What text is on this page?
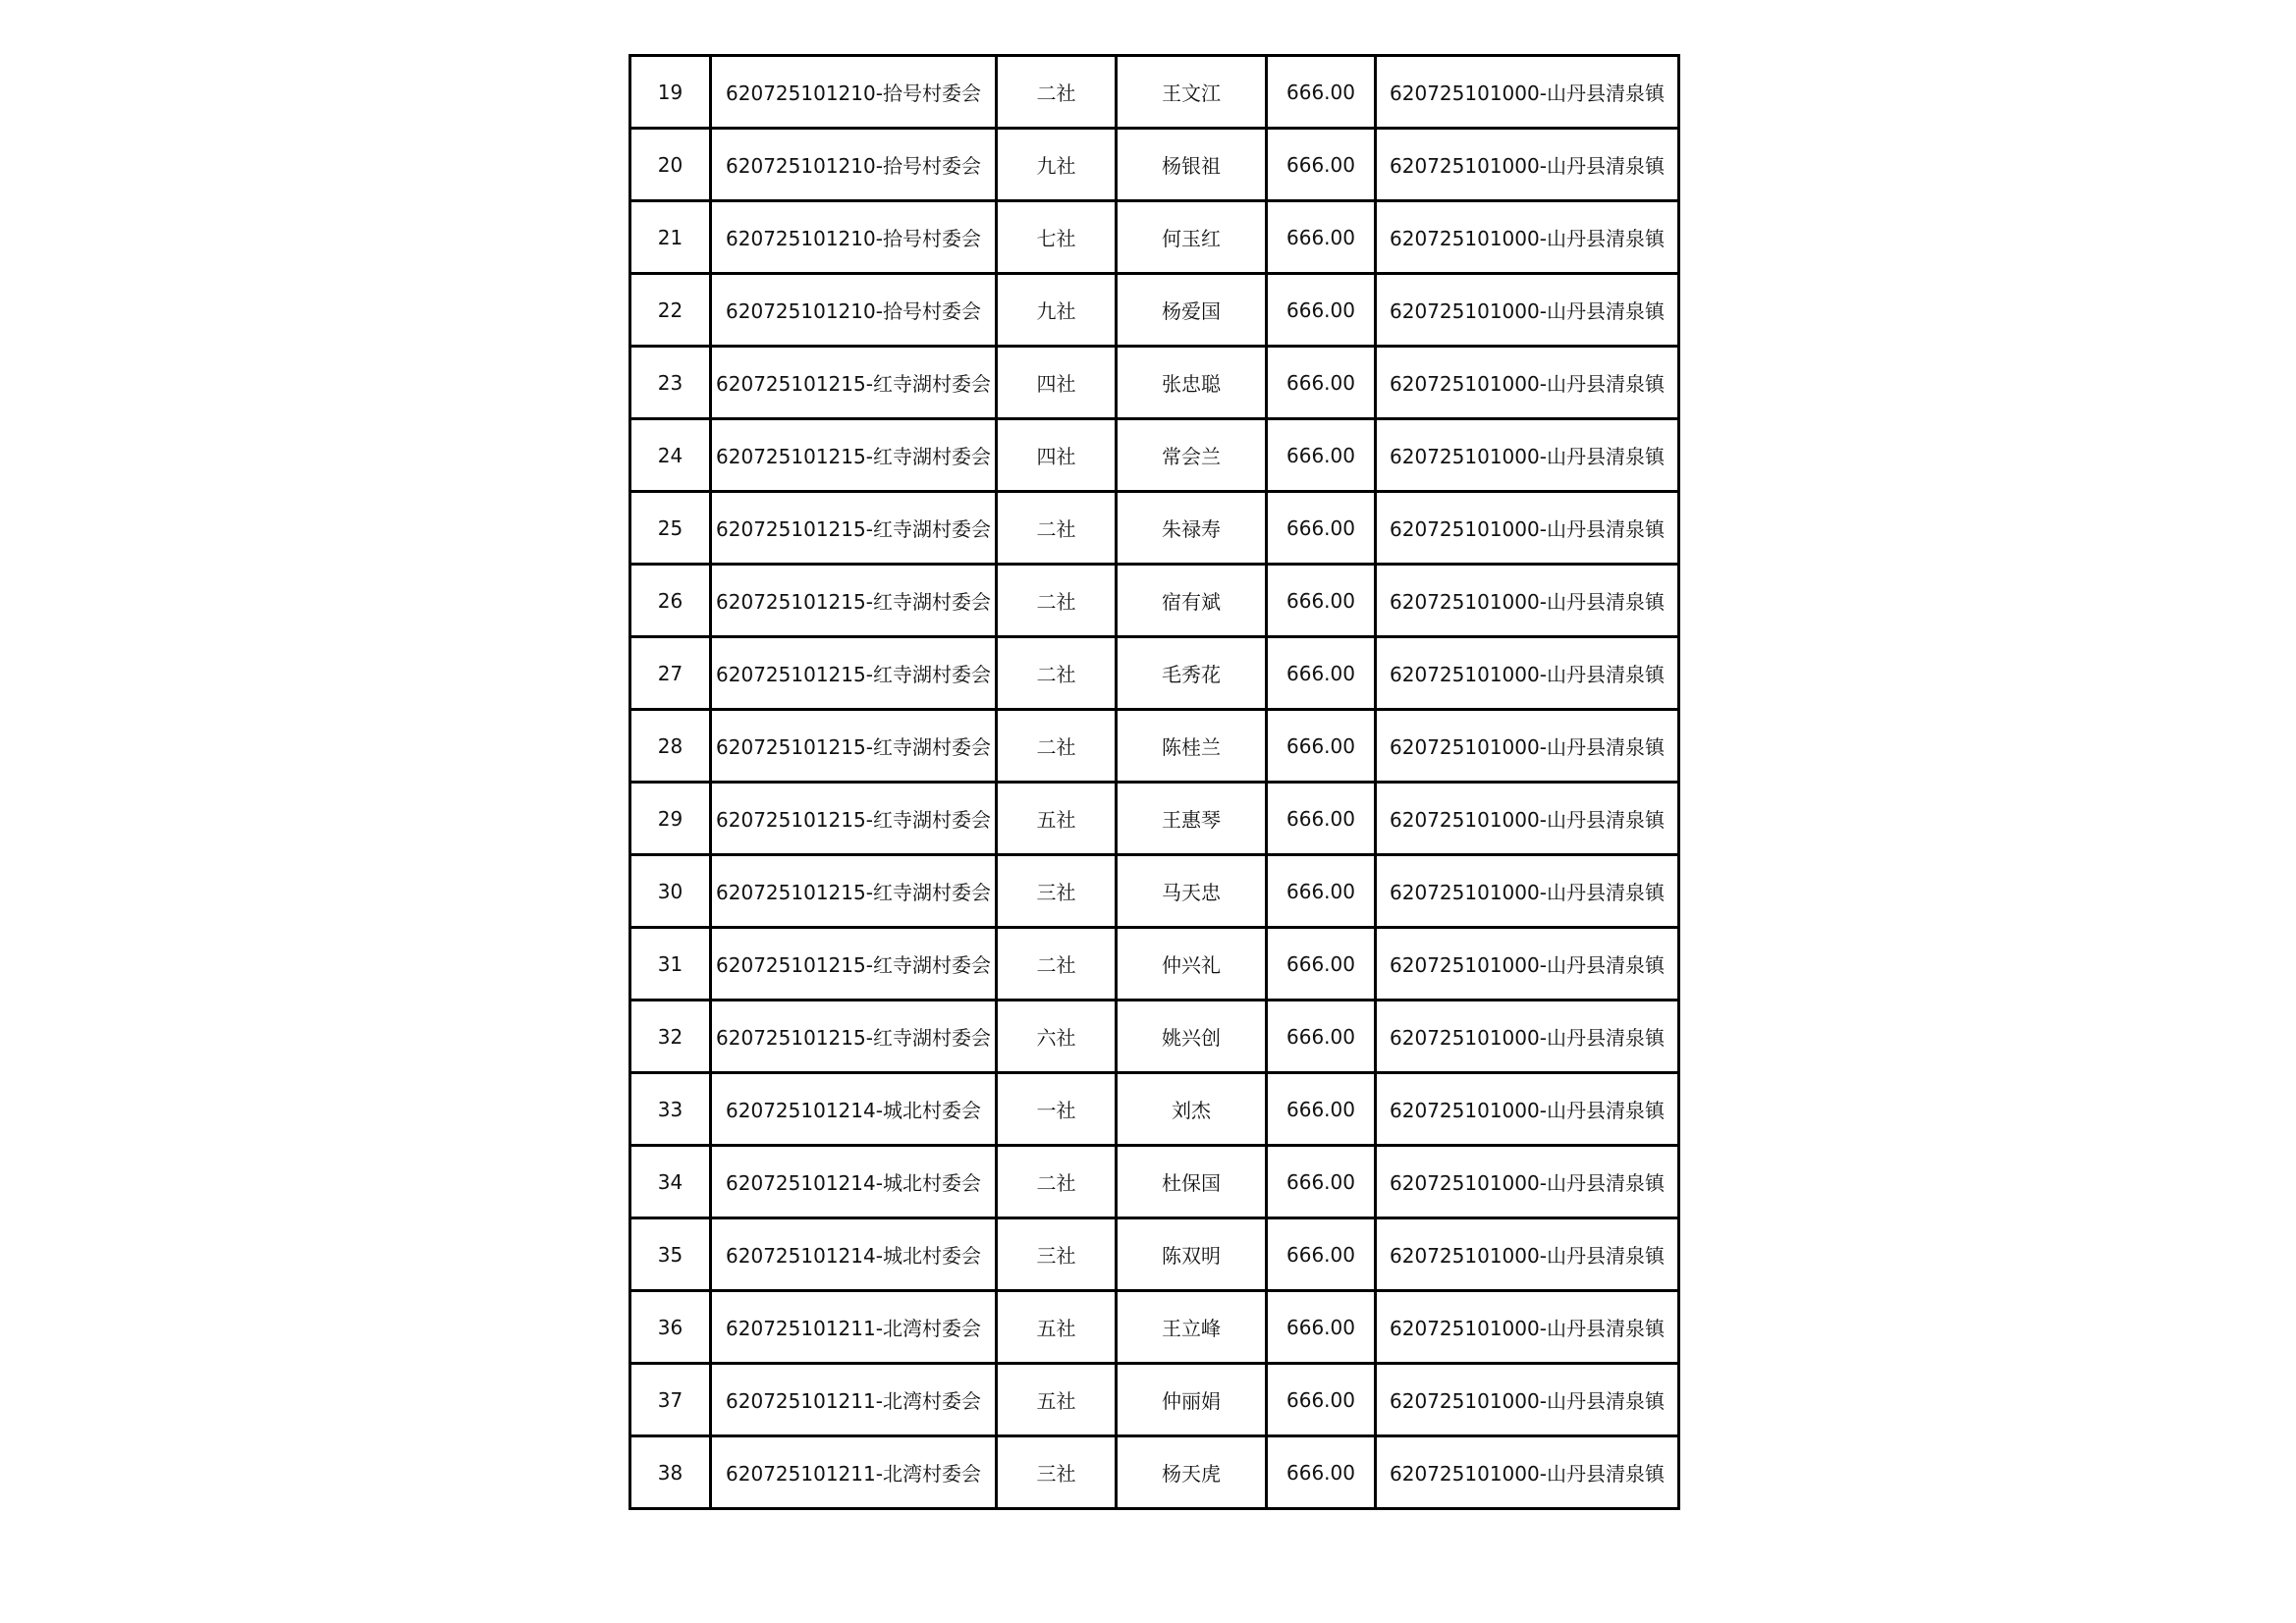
19	620725101210-拾号村委会	二社	王文江	666.00	620725101000-山丹县清泉镇
20	620725101210-拾号村委会	九社	杨银祖	666.00	620725101000-山丹县清泉镇
21	620725101210-拾号村委会	七社	何玉红	666.00	620725101000-山丹县清泉镇
22	620725101210-拾号村委会	九社	杨爱国	666.00	620725101000-山丹县清泉镇
23	620725101215-红寺湖村委会	四社	张忠聪	666.00	620725101000-山丹县清泉镇
24	620725101215-红寺湖村委会	四社	常会兰	666.00	620725101000-山丹县清泉镇
25	620725101215-红寺湖村委会	二社	朱禄寿	666.00	620725101000-山丹县清泉镇
26	620725101215-红寺湖村委会	二社	宿有斌	666.00	620725101000-山丹县清泉镇
27	620725101215-红寺湖村委会	二社	毛秀花	666.00	620725101000-山丹县清泉镇
28	620725101215-红寺湖村委会	二社	陈桂兰	666.00	620725101000-山丹县清泉镇
29	620725101215-红寺湖村委会	五社	王惠琴	666.00	620725101000-山丹县清泉镇
30	620725101215-红寺湖村委会	三社	马天忠	666.00	620725101000-山丹县清泉镇
31	620725101215-红寺湖村委会	二社	仲兴礼	666.00	620725101000-山丹县清泉镇
32	620725101215-红寺湖村委会	六社	姚兴创	666.00	620725101000-山丹县清泉镇
33	620725101214-城北村委会	一社	刘杰	666.00	620725101000-山丹县清泉镇
34	620725101214-城北村委会	二社	杜保国	666.00	620725101000-山丹县清泉镇
35	620725101214-城北村委会	三社	陈双明	666.00	620725101000-山丹县清泉镇
36	620725101211-北湾村委会	五社	王立峰	666.00	620725101000-山丹县清泉镇
37	620725101211-北湾村委会	五社	仲丽娟	666.00	620725101000-山丹县清泉镇
38	620725101211-北湾村委会	三社	杨天虎	666.00	620725101000-山丹县清泉镇
